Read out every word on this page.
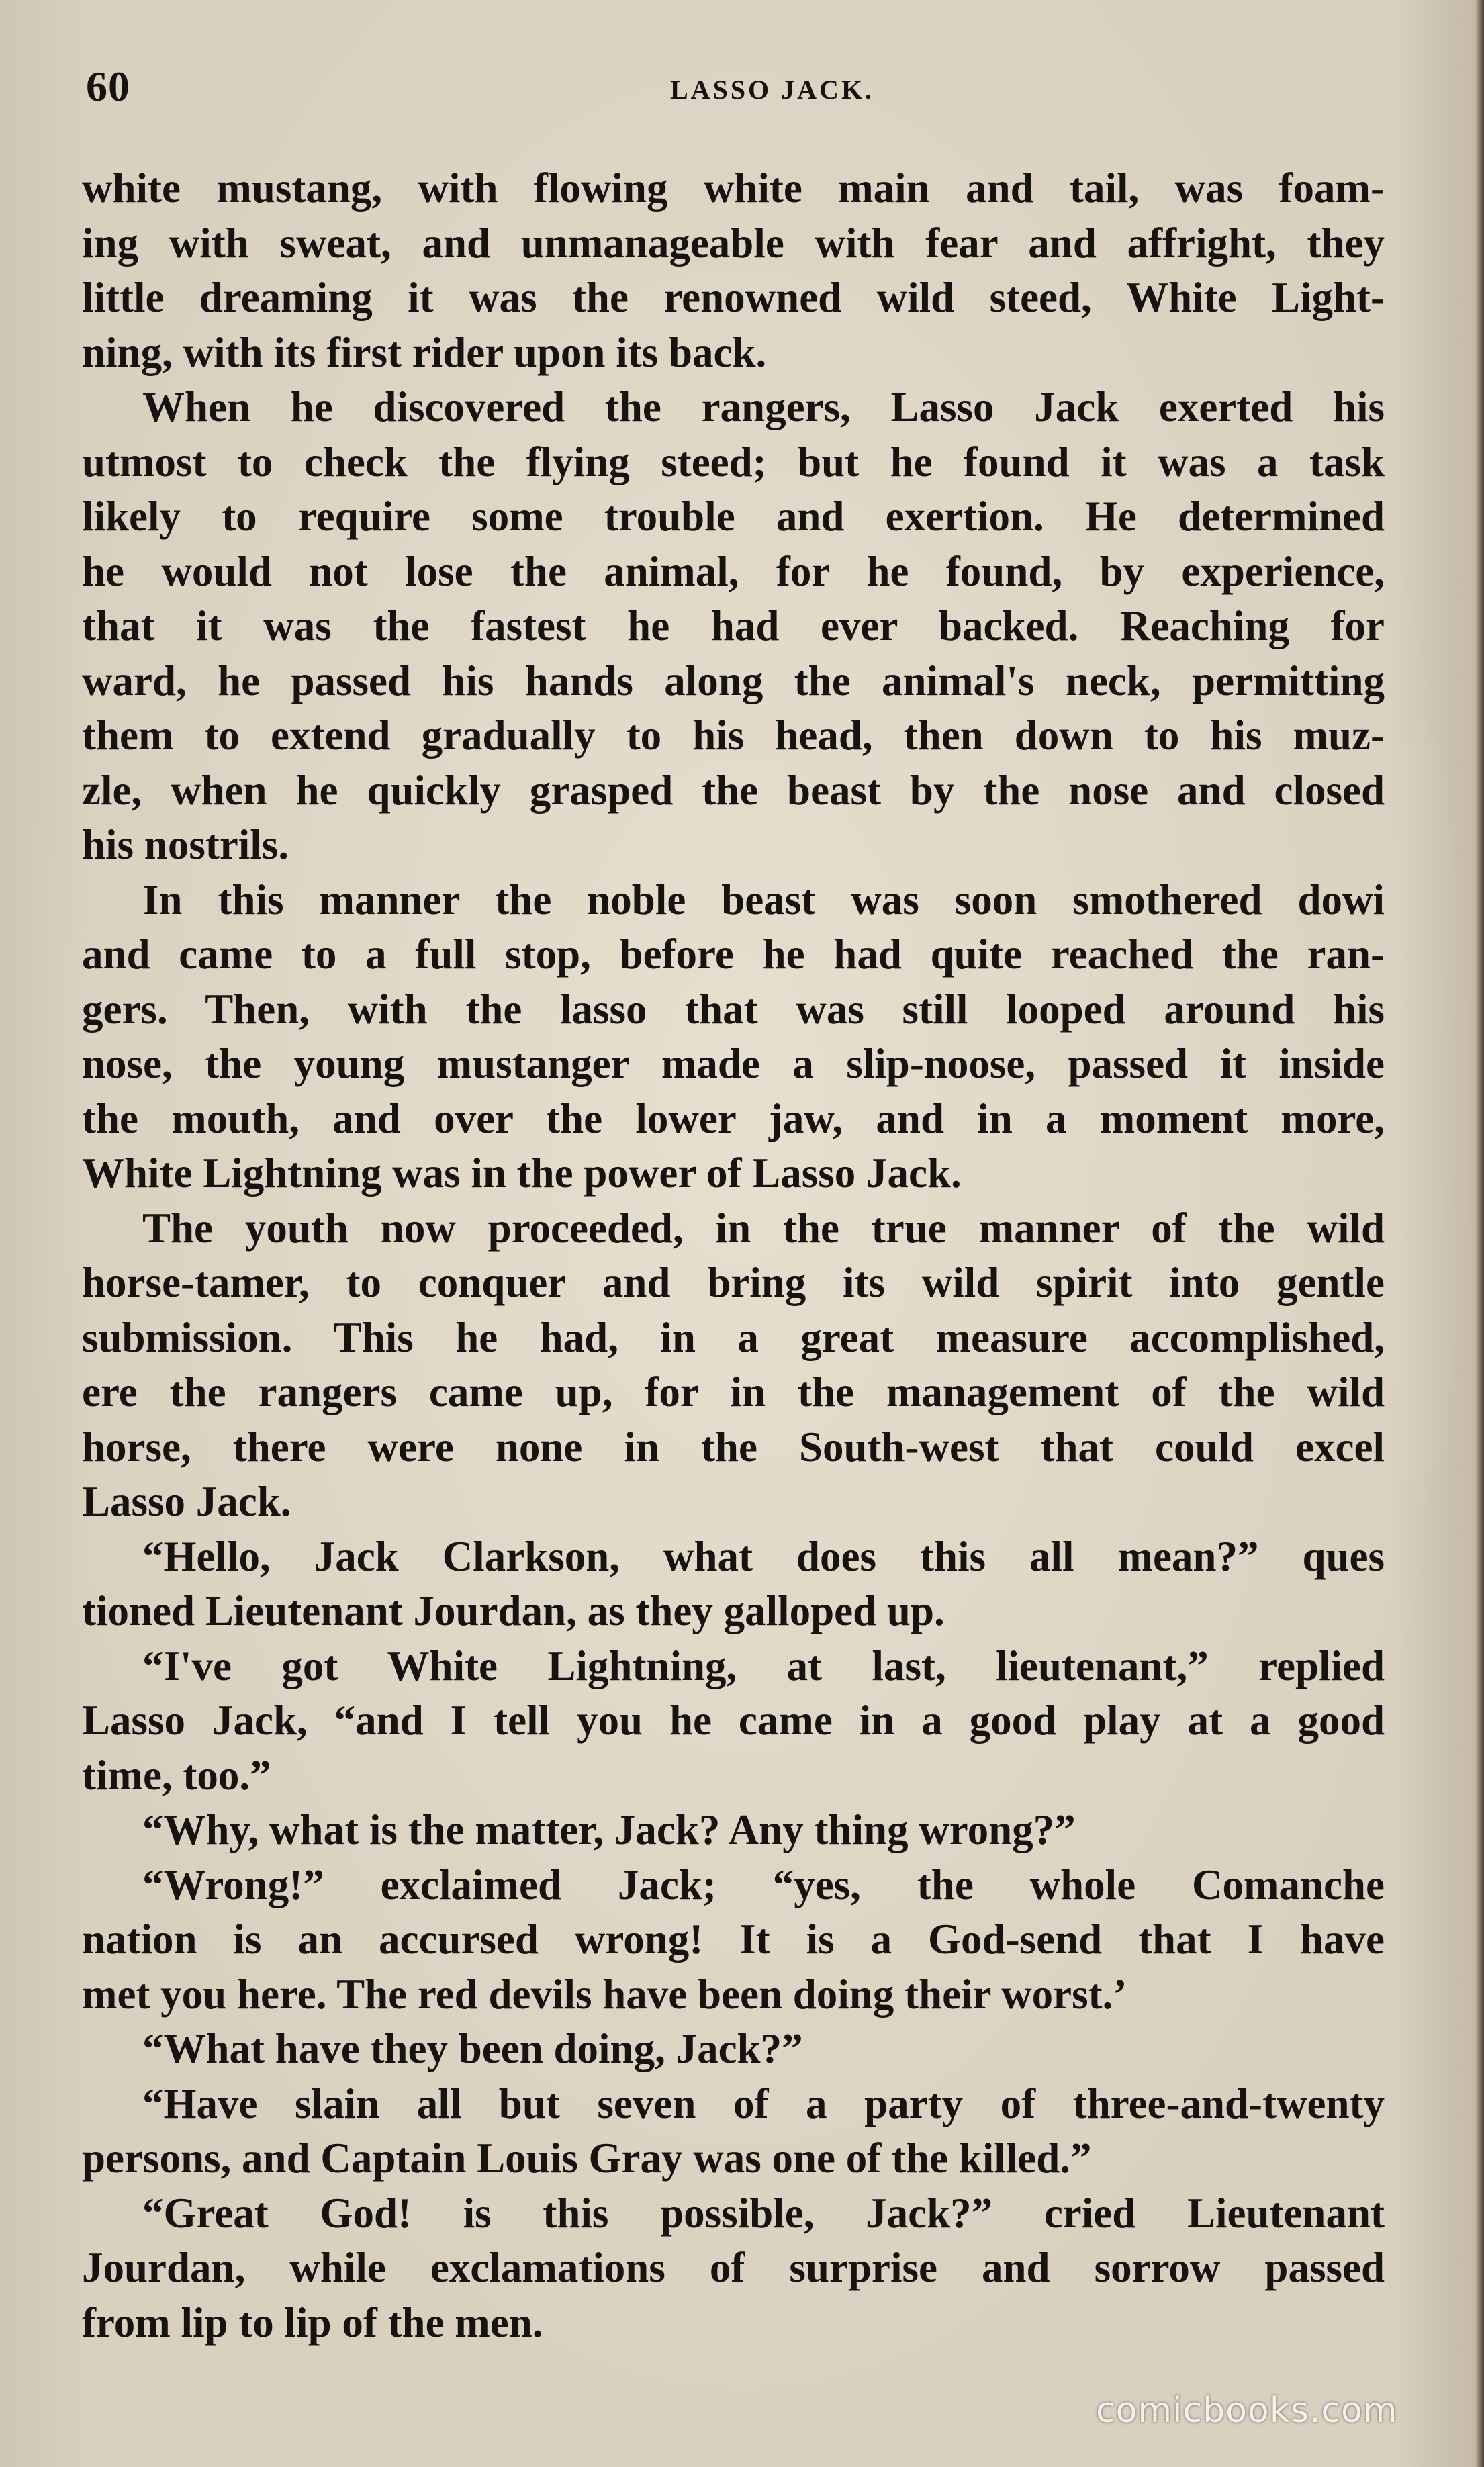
60	LASSO JACK.
white mustang, with flowing white main and tail, was foam-
ing with sweat, and unmanageable with fear and affright, they
little dreaming it was the renowned wild steed, White Light-
ning, with its first rider upon its back.
When he discovered the rangers, Lasso Jack exerted his
utmost to check the flying steed; but he found it was a task
likely to require some trouble and exertion. He determined
he would not lose the animal, for he found, by experience,
that it was the fastest he had ever backed. Reaching for
ward, he passed his hands along the animal's neck, permitting
them to extend gradually to his head, then down to his muz-
zle, when he quickly grasped the beast by the nose and closed
his nostrils.
In this manner the noble beast was soon smothered dowi
and came to a full stop, before he had quite reached the ran-
gers. Then, with the lasso that was still looped around his
nose, the young mustanger made a slip-noose, passed it inside
the mouth, and over the lower jaw, and in a moment more,
White Lightning was in the power of Lasso Jack.
The youth now proceeded, in the true manner of the wild
horse-tamer, to conquer and bring its wild spirit into gentle
submission. This he had, in a great measure accomplished,
ere the rangers came up, for in the management of the wild
horse, there were none in the South-west that could excel
Lasso Jack.
“Hello, Jack Clarkson, what does this all mean?” ques
tioned Lieutenant Jourdan, as they galloped up.
“I've got White Lightning, at last, lieutenant,” replied
Lasso Jack, “and I tell you he came in a good play at a good
time, too.”
“Why, what is the matter, Jack? Any thing wrong?”
“Wrong!” exclaimed Jack; “yes, the whole Comanche
nation is an accursed wrong! It is a God-send that I have
met you here. The red devils have been doing their worst.’
“What have they been doing, Jack?”
“Have slain all but seven of a party of three-and-twenty
persons, and Captain Louis Gray was one of the killed.”
“Great God! is this possible, Jack?” cried Lieutenant
Jourdan, while exclamations of surprise and sorrow passed
from lip to lip of the men.
comicbooks.com
